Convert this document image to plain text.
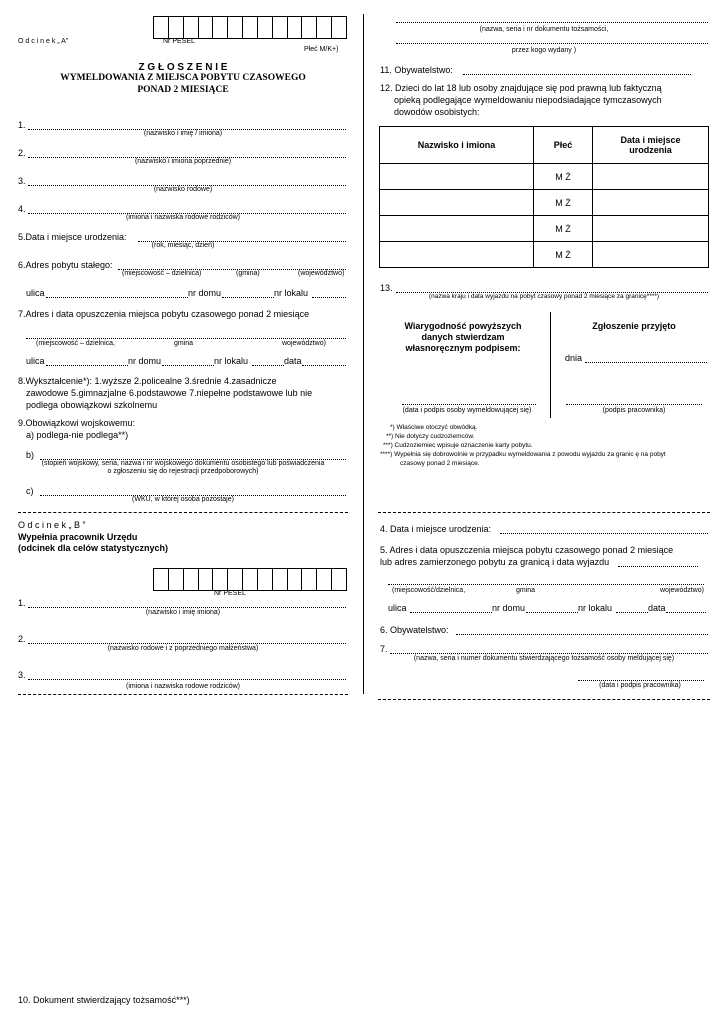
O d c i n e k „ A”	Nr PESEL
Płeć M/K+)
Z G Ł O S Z E N I E
WYMELDOWANIA Z MIEJSCA POBYTU CZASOWEGO
PONAD 2 MIESIĄCE
1.
(nazwisko i imię / imiona)
2.
(nazwisko i imiona poprzednie)
3.
(nazwisko rodowe)
4.
(imiona i nazwiska rodowe rodziców)
5.Data i miejsce urodzenia:
(rok, miesiąc, dzień)
6.Adres pobytu stałego:
(miejscowość – dzielnica)	(gmina)	(województwo)
ulica	nr domu	nr lokalu
7.Adres i data opuszczenia miejsca pobytu czasowego ponad 2 miesiące
(miejscowość – dzielnica,	gmina	województwo)
ulica	nr domu	nr lokalu	data
8.Wykształcenie*): 1.wyższe 2.policealne 3.średnie 4.zasadnicze
zawodowe 5.gimnazjalne 6.podstawowe 7.niepełne podstawowe lub nie
podlega obowiązkowi szkolnemu
9.Obowiązkowi wojskowemu:
a) podlega-nie podlega**)
b)
(stopień wojskowy, seria, nazwa i nr wojskowego dokumentu osobistego lub poświadczenia
o zgłoszeniu się do rejestracji przedpoborowych)
c)
(WKU, w której osoba pozostaje)
O d c i n e k „ B ”
Wypełnia pracownik Urzędu
(odcinek dla celów statystycznych)
Nr PESEL
1.
(nazwisko i imię imiona)
2.
(nazwisko rodowe i z poprzedniego małżeństwa)
3.
(imiona i nazwiska rodowe rodziców)
10. Dokument stwierdzający tożsamość***)
(nazwa, seria i nr dokumentu tożsamości,
przez kogo wydany )
11. Obywatelstwo:
12. Dzieci do lat 18 lub osoby znajdujące się pod prawną lub faktyczną
opieką podlegające wymeldowaniu niepodsiadające tymczasowych
dowodów osobistych:
Nazwisko i imiona	Płeć	Data i miejsce
urodzenia

	M Ż	
	M Ż	
	M Ż	
	M Ż	
13.
(nazwa kraju i data wyjazdu na pobyt czasowy ponad 2 miesiące za granicę****)
Wiarygodność powyższych
danych stwierdzam
własnoręcznym podpisem:
Zgłoszenie przyjęto
dnia
(data i podpis osoby wymeldowującej się)	(podpis pracownika)
*) Właściwe otoczyć obwódką.
**) Nie dotyczy cudzoziemców.
***) Cudzoziemiec wpisuje oznaczenie karty pobytu.
****) Wypełnia się dobrowolnie w przypadku wymeldowania z powodu wyjazdu za granic ę na pobyt
czasowy ponad 2 miesiące.
4. Data i miejsce urodzenia:
5. Adres i data opuszczenia miejsca pobytu czasowego ponad 2 miesiące
lub adres zamierzonego pobytu za granicą i data wyjazdu
(miejscowość/dzielnica,	gmina	województwo)
ulica	nr domu	nr lokalu	data
6. Obywatelstwo:
7.
(nazwa, seria i numer dokumentu stwierdzającego tożsamość osoby meldującej się)
(data i podpis pracownika)
